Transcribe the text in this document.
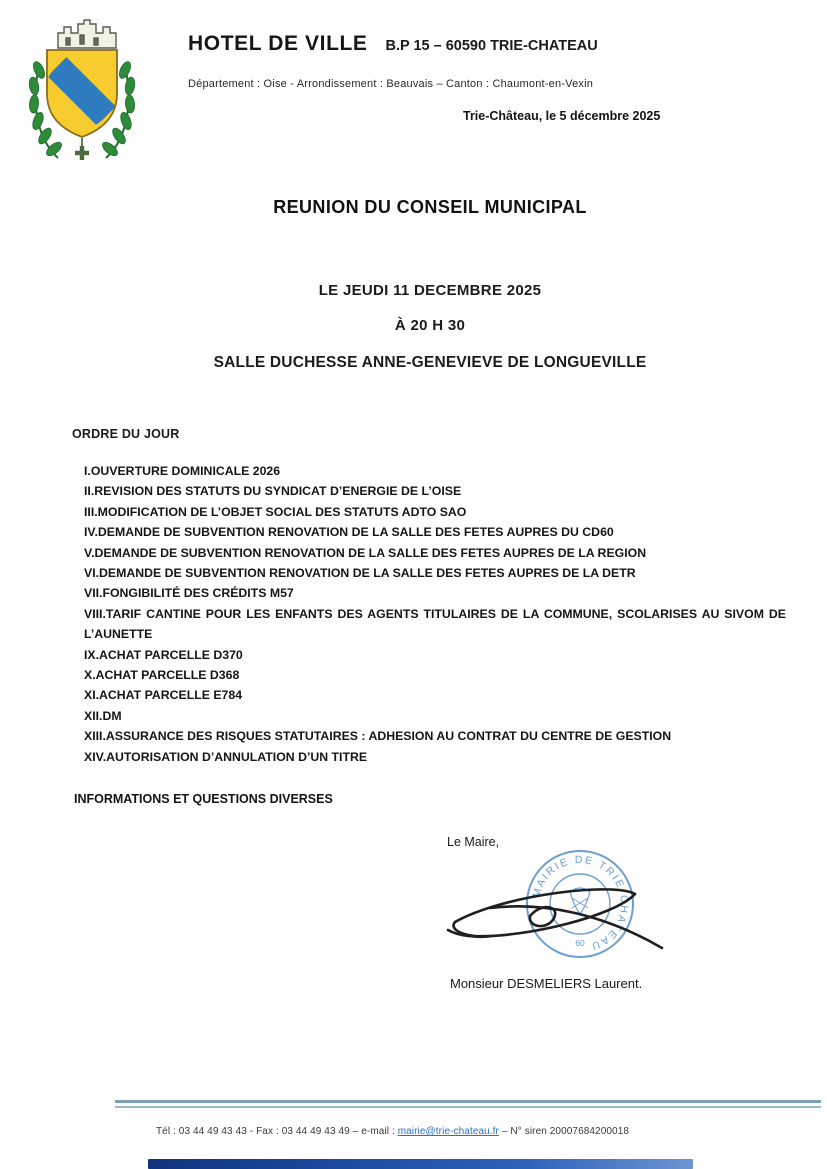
HOTEL DE VILLE B.P 15 – 60590 TRIE-CHATEAU
Département : Oise - Arrondissement : Beauvais – Canton : Chaumont-en-Vexin
Trie-Château, le 5 décembre 2025
REUNION DU CONSEIL MUNICIPAL
LE JEUDI 11 DECEMBRE 2025
À 20 H 30
SALLE DUCHESSE ANNE-GENEVIEVE DE LONGUEVILLE
ORDRE DU JOUR
I.OUVERTURE DOMINICALE 2026
II.REVISION DES STATUTS DU SYNDICAT D’ENERGIE DE L’OISE
III.MODIFICATION DE L’OBJET SOCIAL DES STATUTS ADTO SAO
IV.DEMANDE DE SUBVENTION RENOVATION DE LA SALLE DES FETES AUPRES DU CD60
V.DEMANDE DE SUBVENTION RENOVATION DE LA SALLE DES FETES AUPRES DE LA REGION
VI.DEMANDE DE SUBVENTION RENOVATION DE LA SALLE DES FETES AUPRES DE LA DETR
VII.FONGIBILITÉ DES CRÉDITS M57
VIII.TARIF CANTINE POUR LES ENFANTS DES AGENTS TITULAIRES DE LA COMMUNE, SCOLARISES AU SIVOM DE L’AUNETTE
IX.ACHAT PARCELLE D370
X.ACHAT PARCELLE D368
XI.ACHAT PARCELLE E784
XII.DM
XIII.ASSURANCE DES RISQUES STATUTAIRES : ADHESION AU CONTRAT DU CENTRE DE GESTION
XIV.AUTORISATION D’ANNULATION D’UN TITRE
INFORMATIONS ET QUESTIONS DIVERSES
Le Maire,
MAIRIE DE TRIE-CHATEAU
60
Monsieur DESMELIERS Laurent.
Tél : 03 44 49 43 43 - Fax : 03 44 49 43 49 – e-mail : mairie@trie-chateau.fr – N° siren 20007684200018
